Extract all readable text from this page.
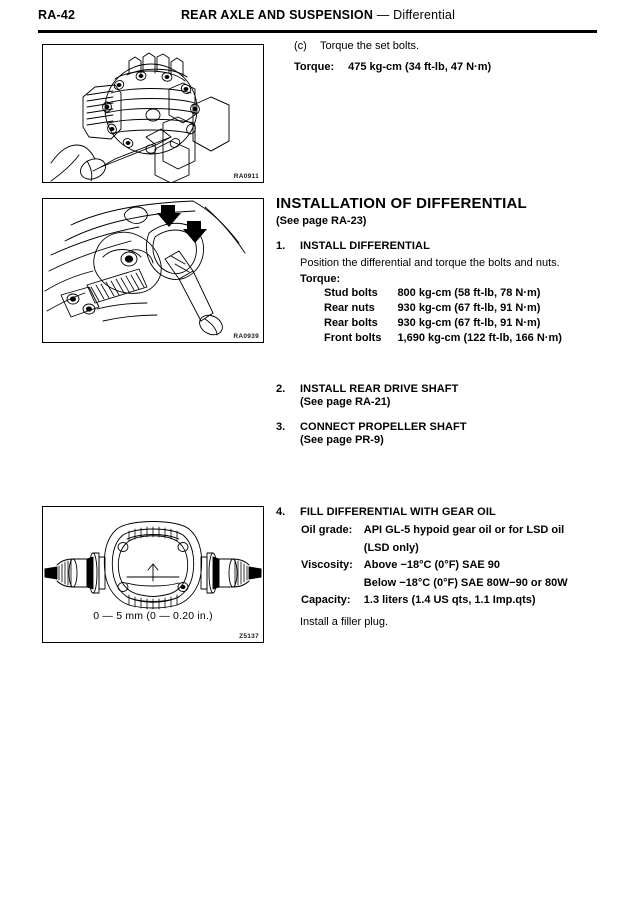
RA-42	REAR AXLE AND SUSPENSION — Differential
RA0911
RA0939
0 — 5 mm (0 — 0.20 in.)
Z5137
(c) Torque the set bolts.
Torque: 475 kg-cm (34 ft-lb, 47 N·m)
INSTALLATION OF DIFFERENTIAL
(See page RA-23)
1. INSTALL DIFFERENTIAL
Position the differential and torque the bolts and nuts.
Torque:
Stud bolts	800 kg-cm (58 ft-lb, 78 N·m)
Rear nuts	930 kg-cm (67 ft-lb, 91 N·m)
Rear bolts	930 kg-cm (67 ft-lb, 91 N·m)
Front bolts	1,690 kg-cm (122 ft-lb, 166 N·m)
2. INSTALL REAR DRIVE SHAFT
(See page RA-21)
3. CONNECT PROPELLER SHAFT
(See page PR-9)
4. FILL DIFFERENTIAL WITH GEAR OIL
Oil grade:	API GL-5 hypoid gear oil or for LSD oil
	(LSD only)
Viscosity:	Above −18°C (0°F) SAE 90
	Below −18°C (0°F) SAE 80W−90 or 80W
Capacity:	1.3 liters (1.4 US qts, 1.1 Imp.qts)
Install a filler plug.
